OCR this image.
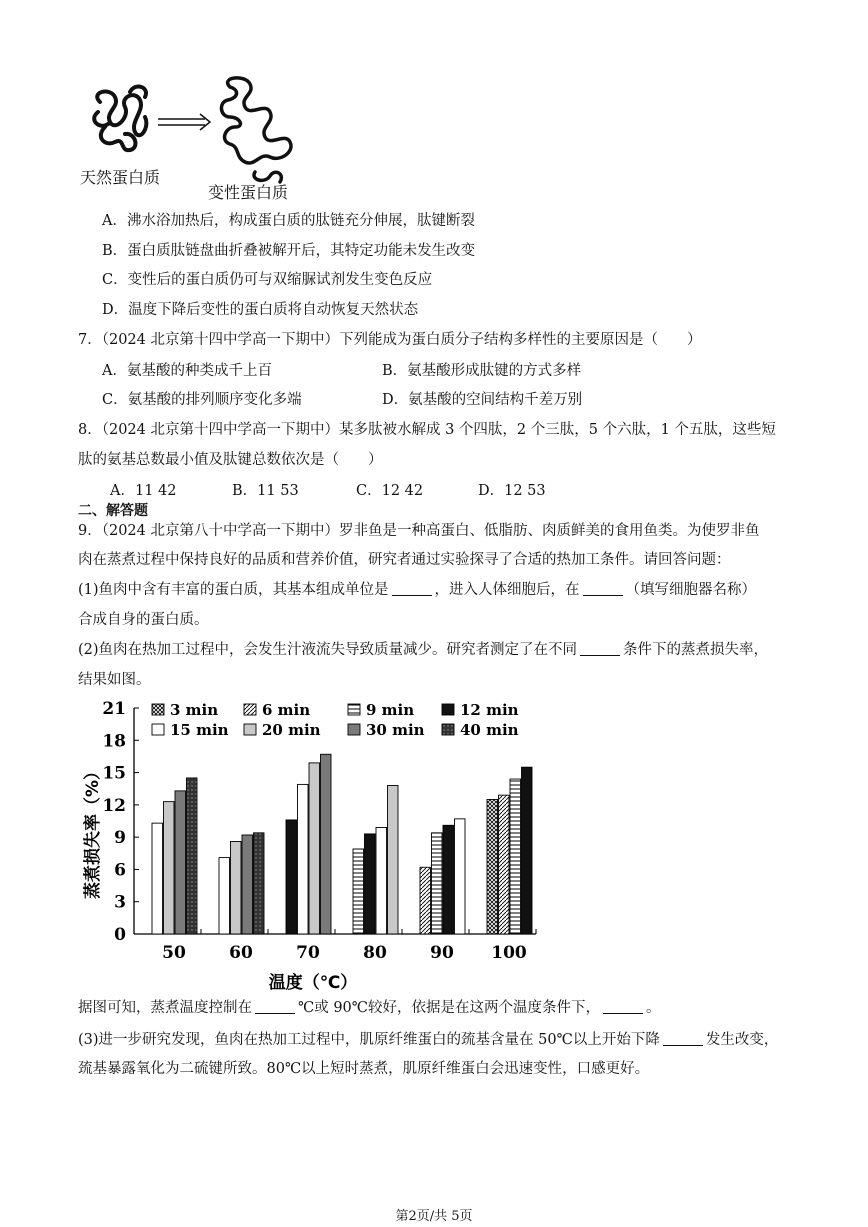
天然蛋白质
变性蛋白质
A．沸水浴加热后，构成蛋白质的肽链充分伸展，肽键断裂
B．蛋白质肽链盘曲折叠被解开后，其特定功能未发生改变
C．变性后的蛋白质仍可与双缩脲试剂发生变色反应
D．温度下降后变性的蛋白质将自动恢复天然状态
7．（2024 北京第十四中学高一下期中）下列能成为蛋白质分子结构多样性的主要原因是（　　）
A．氨基酸的种类成千上百	B．氨基酸形成肽键的方式多样
C．氨基酸的排列顺序变化多端	D．氨基酸的空间结构千差万别
8．（2024 北京第十四中学高一下期中）某多肽被水解成 3 个四肽，2 个三肽，5 个六肽，1 个五肽，这些短
肽的氨基总数最小值及肽键总数依次是（　　）
A．11 42	B．11 53	C．12 42	D．12 53
二、解答题
9．（2024 北京第八十中学高一下期中）罗非鱼是一种高蛋白、低脂肪、肉质鲜美的食用鱼类。为使罗非鱼
肉在蒸煮过程中保持良好的品质和营养价值，研究者通过实验探寻了合适的热加工条件。请回答问题：
(1)鱼肉中含有丰富的蛋白质，其基本组成单位是	，进入人体细胞后，在	（填写细胞器名称）
合成自身的蛋白质。
(2)鱼肉在热加工过程中，会发生汁液流失导致质量减少。研究者测定了在不同	条件下的蒸煮损失率，
结果如图。
0
3
6
9
12
15
18
21
蒸煮损失率（%）
50	60	70	80	90 100
温度（℃）
3 min	6 min	9 min	12 min
15 min 20 min	30 min 40 min
据图可知，蒸煮温度控制在	℃或 90℃较好，依据是在这两个温度条件下，	。
(3)进一步研究发现，鱼肉在热加工过程中，肌原纤维蛋白的巯基含量在 50℃以上开始下降	发生改变，
巯基暴露氧化为二硫键所致。80℃以上短时蒸煮，肌原纤维蛋白会迅速变性，口感更好。
第2页/共 5页
